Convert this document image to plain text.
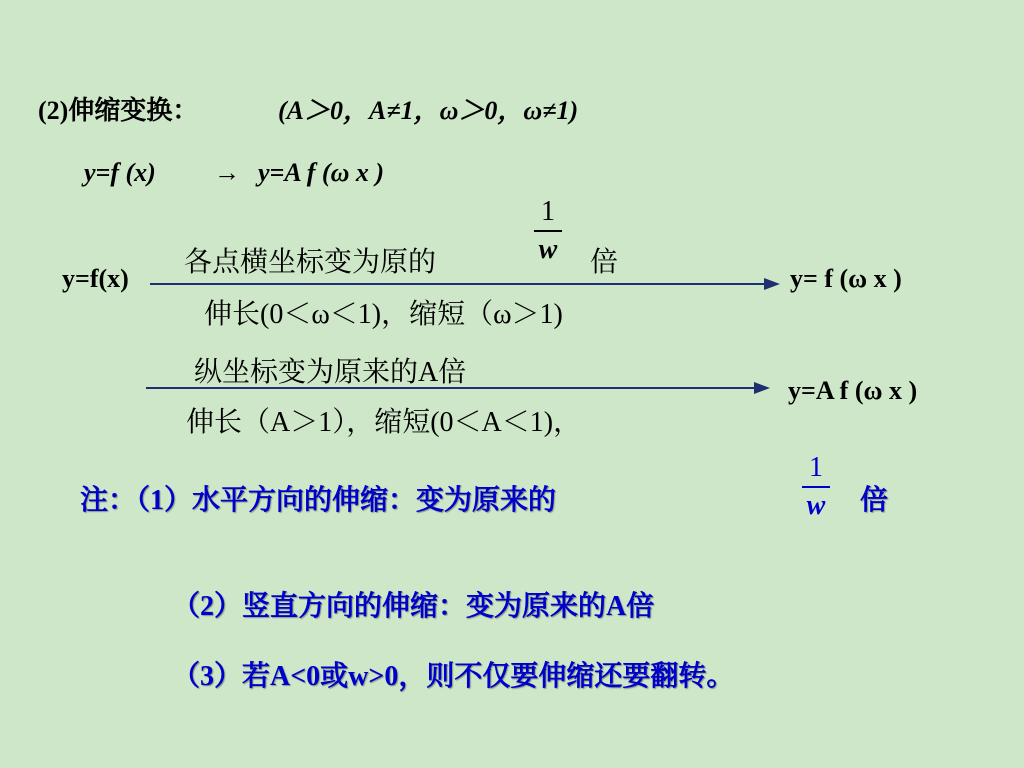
(2)伸缩变换：	(A＞0，A≠1，ω＞0，ω≠1)
y=f (x) → y=A f (ω x )
y=f(x)
各点横坐标变为原的
1
w	倍
伸长(0＜ω＜1)，缩短（ω＞1)
y= f (ω x )
纵坐标变为原来的A倍
伸长（A＞1），缩短(0＜A＜1)，
y=A f (ω x )
注：（1）水平方向的伸缩：变为原来的
1
w	倍
（2）竖直方向的伸缩：变为原来的A倍
（3）若A<0或w>0，则不仅要伸缩还要翻转。
